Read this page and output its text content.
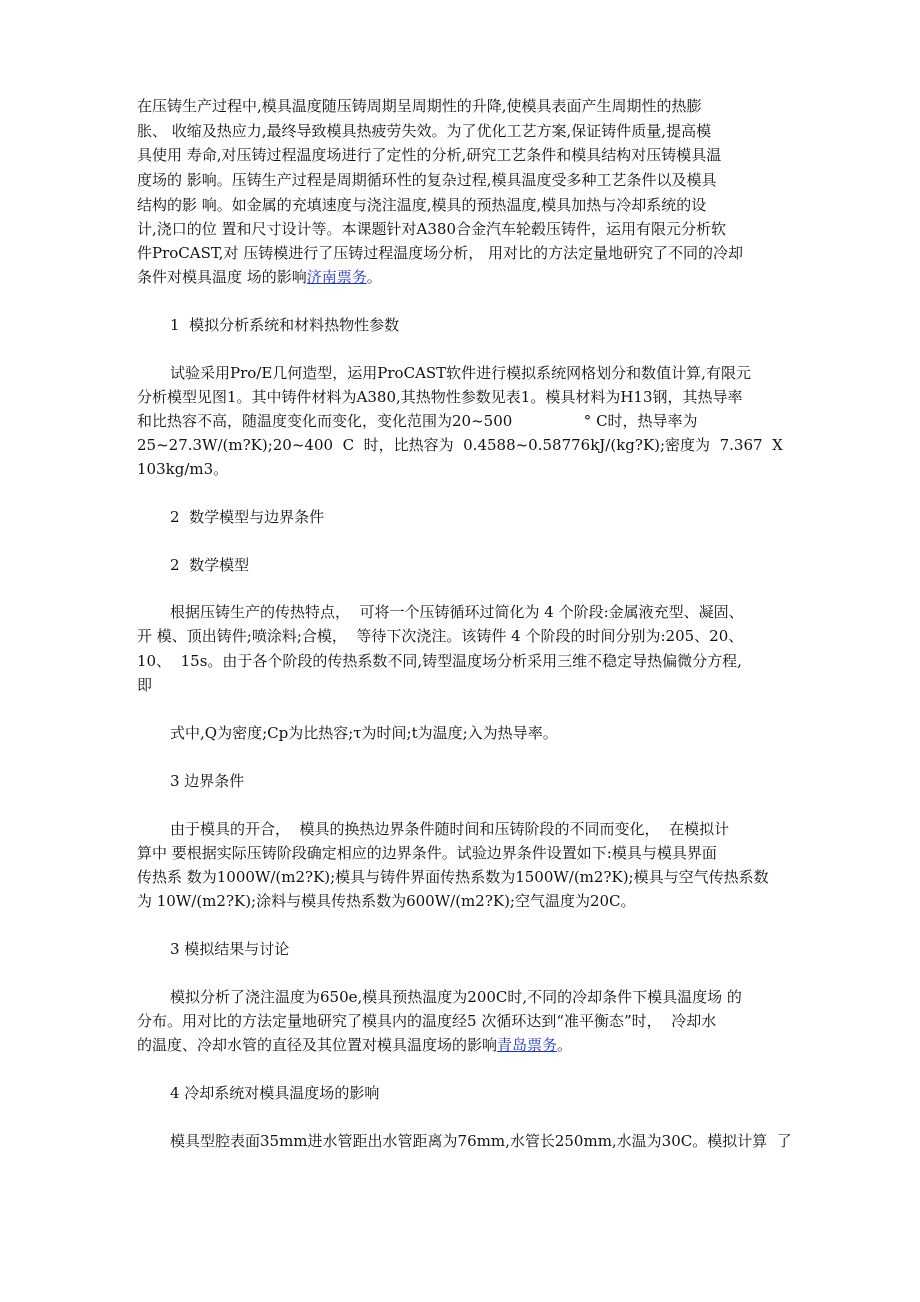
在压铸生产过程中,模具温度随压铸周期呈周期性的升降,使模具表面产生周期性的热膨
胀、 收缩及热应力,最终导致模具热疲劳失效。为了优化工艺方案,保证铸件质量,提高模
具使用 寿命,对压铸过程温度场进行了定性的分析,研究工艺条件和模具结构对压铸模具温
度场的 影响。压铸生产过程是周期循环性的复杂过程,模具温度受多种工艺条件以及模具
结构的影 响。如金属的充填速度与浇注温度,模具的预热温度,模具加热与冷却系统的设
计,浇口的位 置和尺寸设计等。本课题针对A380合金汽车轮毂压铸件，运用有限元分析软
件ProCAST,对 压铸模进行了压铸过程温度场分析， 用对比的方法定量地研究了不同的冷却
条件对模具温度 场的影响济南票务。
1  模拟分析系统和材料热物性参数
试验采用Pro/E几何造型，运用ProCAST软件进行模拟系统网格划分和数值计算,有限元
分析模型见图1。其中铸件材料为A380,其热物性参数见表1。模具材料为H13钢，其热导率
和比热容不高，随温度变化而变化，变化范围为20~500               ° C时，热导率为
25~27.3W/(m?K);20~400  C  时，比热容为  0.4588~0.58776kJ/(kg?K);密度为  7.367  X
103kg/m3。
2  数学模型与边界条件
2  数学模型
根据压铸生产的传热特点，  可将一个压铸循环过简化为 4 个阶段:金属液充型、凝固、
开 模、顶出铸件;喷涂料;合模，  等待下次浇注。该铸件 4 个阶段的时间分别为:205、20、
10、  15s。由于各个阶段的传热系数不同,铸型温度场分析采用三维不稳定导热偏微分方程,
即
式中,Q为密度;Cp为比热容;τ为时间;t为温度;入为热导率。
3 边界条件
由于模具的开合，  模具的换热边界条件随时间和压铸阶段的不同而变化，  在模拟计
算中 要根据实际压铸阶段确定相应的边界条件。试验边界条件设置如下:模具与模具界面
传热系 数为1000W/(m2?K);模具与铸件界面传热系数为1500W/(m2?K);模具与空气传热系数
为 10W/(m2?K);涂料与模具传热系数为600W/(m2?K);空气温度为20C。
3 模拟结果与讨论
模拟分析了浇注温度为650e,模具预热温度为200C时,不同的冷却条件下模具温度场 的
分布。用对比的方法定量地研究了模具内的温度经5 次循环达到“准平衡态”时，  冷却水
的温度、冷却水管的直径及其位置对模具温度场的影响青岛票务。
4 冷却系统对模具温度场的影响
模具型腔表面35mm进水管距出水管距离为76mm,水管长250mm,水温为30C。模拟计算  了
